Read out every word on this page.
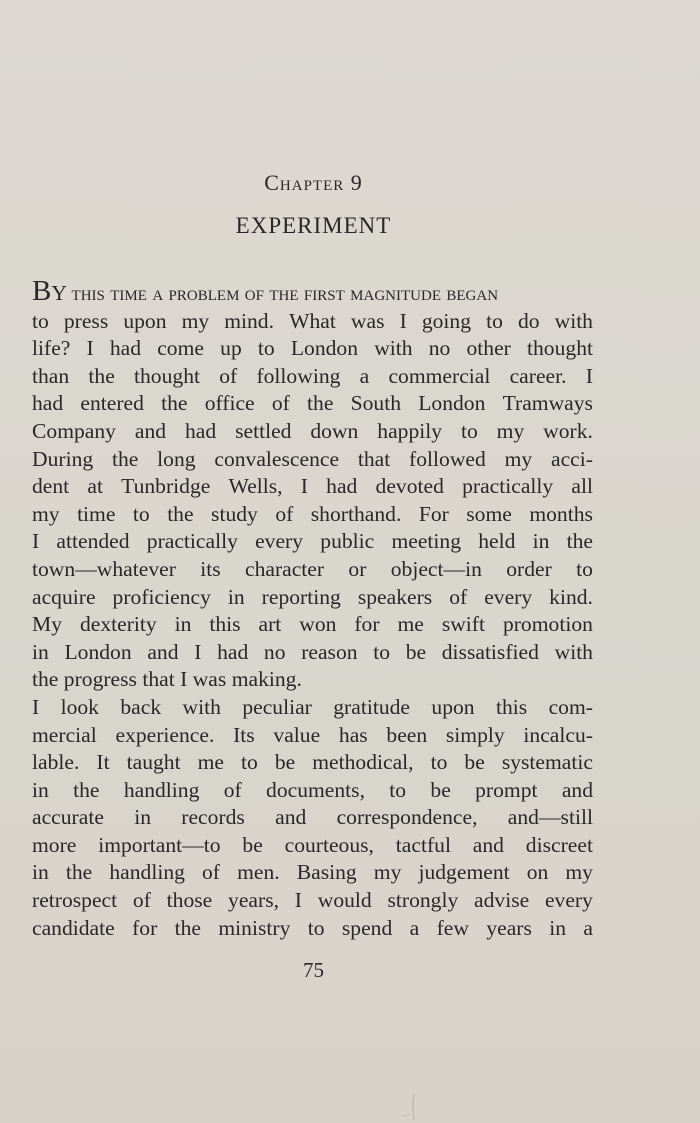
Chapter 9
EXPERIMENT
BY this time a problem of the first magnitude began
to press upon my mind. What was I going to do with
life? I had come up to London with no other thought
than the thought of following a commercial career. I
had entered the office of the South London Tramways
Company and had settled down happily to my work.
During the long convalescence that followed my acci-
dent at Tunbridge Wells, I had devoted practically all
my time to the study of shorthand. For some months
I attended practically every public meeting held in the
town—whatever its character or object—in order to
acquire proficiency in reporting speakers of every kind.
My dexterity in this art won for me swift promotion
in London and I had no reason to be dissatisfied with
the progress that I was making.
I look back with peculiar gratitude upon this com-
mercial experience. Its value has been simply incalcu-
lable. It taught me to be methodical, to be systematic
in the handling of documents, to be prompt and
accurate in records and correspondence, and—still
more important—to be courteous, tactful and discreet
in the handling of men. Basing my judgement on my
retrospect of those years, I would strongly advise every
candidate for the ministry to spend a few years in a
75
